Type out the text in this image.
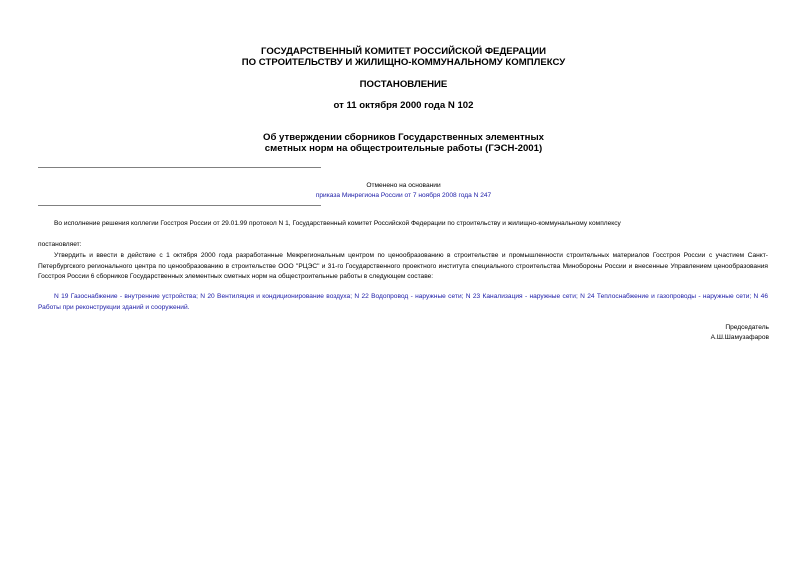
ГОСУДАРСТВЕННЫЙ КОМИТЕТ РОССИЙСКОЙ ФЕДЕРАЦИИ
ПО СТРОИТЕЛЬСТВУ И ЖИЛИЩНО-КОММУНАЛЬНОМУ КОМПЛЕКСУ
ПОСТАНОВЛЕНИЕ
от 11 октября 2000 года N 102
Об утверждении сборников Государственных элементных
сметных норм на общестроительные работы (ГЭСН-2001)
Отменено на основании
приказа Минрегиона России от 7 ноября 2008 года N 247
Во исполнение решения коллегии Госстроя России от 29.01.99 протокол N 1, Государственный комитет Российской Федерации по строительству и жилищно-коммунальному комплексу
постановляет:
Утвердить и ввести в действие с 1 октября 2000 года разработанные Межрегиональным центром по ценообразованию в строительстве и промышленности строительных материалов Госстроя России с участием Санкт-Петербургского регионального центра по ценообразованию в строительстве ООО "РЦЭС" и 31-го Государственного проектного института специального строительства Минобороны России и внесенные Управлением ценообразования Госстроя России 6 сборников Государственных элементных сметных норм на общестроительные работы в следующем составе:
N 19 Газоснабжение - внутренние устройства; N 20 Вентиляция и кондиционирование воздуха; N 22 Водопровод - наружные сети; N 23 Канализация - наружные сети; N 24 Теплоснабжение и газопроводы - наружные сети; N 46 Работы при реконструкции зданий и сооружений.
Председатель
А.Ш.Шамузафаров
